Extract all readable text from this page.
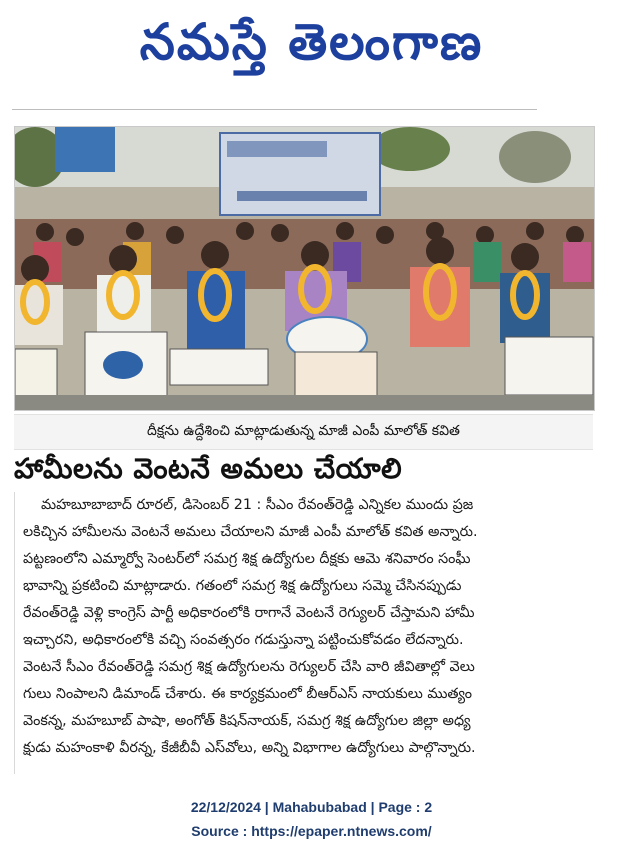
నమస్తే తెలంగాణ
దీక్షను ఉద్దేశించి మాట్లాడుతున్న మాజీ ఎంపీ మాలోత్ కవిత
హామీలను వెంటనే అమలు చేయాలి
మహబూబాబాద్ రూరల్, డిసెంబర్ 21 : సీఎం రేవంత్‌రెడ్డి ఎన్నికల ముందు ప్రజ
లకిచ్చిన హామీలను వెంటనే అమలు చేయాలని మాజీ ఎంపీ మాలోత్ కవిత అన్నారు.
పట్టణంలోని ఎమ్మార్వో సెంటర్‌లో సమగ్ర శిక్ష ఉద్యోగుల దీక్షకు ఆమె శనివారం సంఘీ
భావాన్ని ప్రకటించి మాట్లాడారు. గతంలో సమగ్ర శిక్ష ఉద్యోగులు సమ్మె చేసినప్పుడు
రేవంత్‌రెడ్డి వెళ్లి కాంగ్రెస్ పార్టీ అధికారంలోకి రాగానే వెంటనే రెగ్యులర్ చేస్తామని హామీ
ఇచ్చారని, అధికారంలోకి వచ్చి సంవత్సరం గడుస్తున్నా పట్టించుకోవడం లేదన్నారు.
వెంటనే సీఎం రేవంత్‌రెడ్డి సమగ్ర శిక్ష ఉద్యోగులను రెగ్యులర్ చేసి వారి జీవితాల్లో వెలు
గులు నింపాలని డిమాండ్ చేశారు. ఈ కార్యక్రమంలో బీఆర్‌ఎస్ నాయకులు ముత్యం
వెంకన్న, మహబూబ్ పాషా, అంగోత్ కిషన్‌నాయక్, సమగ్ర శిక్ష ఉద్యోగుల జిల్లా అధ్య
క్షుడు మహంకాళి వీరన్న, కేజీబీవీ ఎస్‌వోలు, అన్ని విభాగాల ఉద్యోగులు పాల్గొన్నారు.
22/12/2024 | Mahabubabad | Page : 2
Source : https://epaper.ntnews.com/
